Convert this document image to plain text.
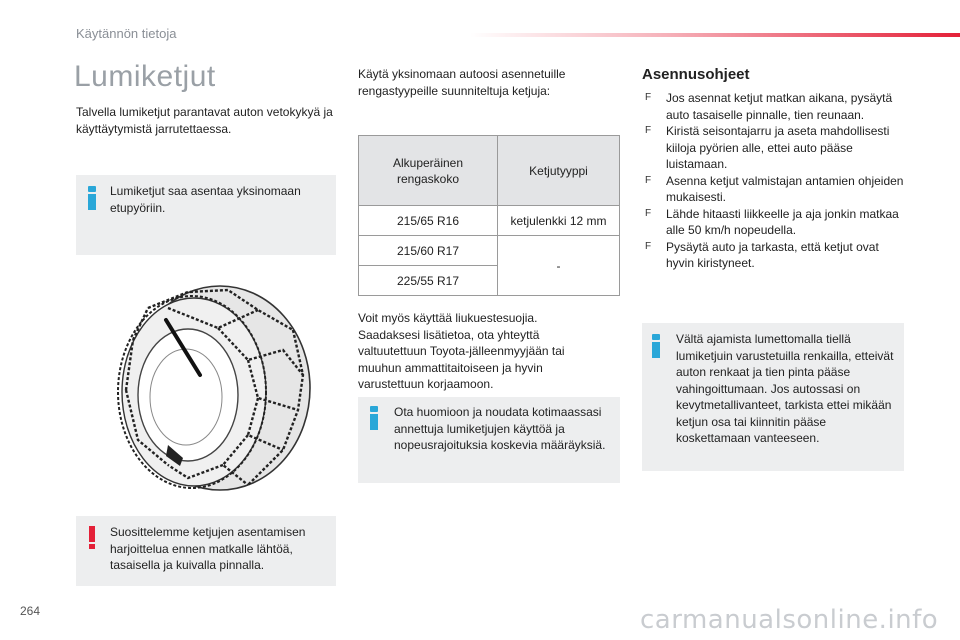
Käytännön tietoja
Lumiketjut

Talvella lumiketjut parantavat auton vetokykyä ja käyttäytymistä jarrutettaessa.

Lumiketjut saa asentaa yksinomaan etupyöriin.
Suosittelemme ketjujen asentamisen harjoittelua ennen matkalle lähtöä, tasaisella ja kuivalla pinnalla.

Käytä yksinomaan autoosi asennetuille rengastyypeille suunniteltuja ketjuja:

Alkuperäinen rengaskoko	Ketjutyyppi
215/65 R16	ketjulenkki 12 mm
215/60 R17	-
225/55 R17	

Voit myös käyttää liukuestesuojia. Saadaksesi lisätietoa, ota yhteyttä valtuutettuun Toyota-jälleenmyyjään tai muuhun ammattitaitoiseen ja hyvin varustettuun korjaamoon.

Ota huomioon ja noudata kotimaassasi annettuja lumiketjujen käyttöä ja nopeusrajoituksia koskevia määräyksiä.
Asennusohjeet
F Jos asennat ketjut matkan aikana, pysäytä auto tasaiselle pinnalle, tien reunaan.
F Kiristä seisontajarru ja aseta mahdollisesti kiiloja pyörien alle, ettei auto pääse luistamaan.
F Asenna ketjut valmistajan antamien ohjeiden mukaisesti.
F Lähde hitaasti liikkeelle ja aja jonkin matkaa alle 50 km/h nopeudella.
F Pysäytä auto ja tarkasta, että ketjut ovat hyvin kiristyneet.
Vältä ajamista lumettomalla tiellä lumiketjuin varustetuilla renkailla, etteivät auton renkaat ja tien pinta pääse vahingoittumaan. Jos autossasi on kevytmetallivanteet, tarkista ettei mikään ketjun osa tai kiinnitin pääse koskettamaan vanteeseen.
264	carmanualsonline.info
